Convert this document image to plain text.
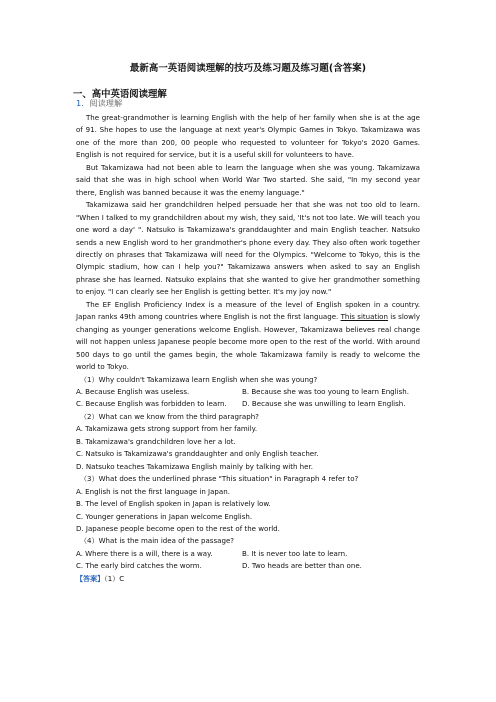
最新高一英语阅读理解的技巧及练习题及练习题(含答案)
一、高中英语阅读理解
1．阅读理解

The great-grandmother is learning English with the help of her family when she is at the age of 91. She hopes to use the language at next year's Olympic Games in Tokyo. Takamizawa was one of the more than 200, 00 people who requested to volunteer for Tokyo's 2020 Games. English is not required for service, but it is a useful skill for volunteers to have.

But Takamizawa had not been able to learn the language when she was young. Takamizawa said that she was in high school when World War Two started. She said, "In my second year there, English was banned because it was the enemy language."

Takamizawa said her grandchildren helped persuade her that she was not too old to learn. "When I talked to my grandchildren about my wish, they said, 'It's not too late. We will teach you one word a day' ". Natsuko is Takamizawa's granddaughter and main English teacher. Natsuko sends a new English word to her grandmother's phone every day. They also often work together directly on phrases that Takamizawa will need for the Olympics. "Welcome to Tokyo, this is the Olympic stadium, how can I help you?" Takamizawa answers when asked to say an English phrase she has learned. Natsuko explains that she wanted to give her grandmother something to enjoy. "I can clearly see her English is getting better. It's my joy now."

The EF English Proficiency Index is a measure of the level of English spoken in a country. Japan ranks 49th among countries where English is not the first language. This situation is slowly changing as younger generations welcome English. However, Takamizawa believes real change will not happen unless Japanese people become more open to the rest of the world. With around 500 days to go until the games begin, the whole Takamizawa family is ready to welcome the world to Tokyo.

（1）Why couldn't Takamizawa learn English when she was young?
A. Because English was useless.	B. Because she was too young to learn English.
C. Because English was forbidden to learn.	D. Because she was unwilling to learn English.
（2）What can we know from the third paragraph?
A. Takamizawa gets strong support from her family.
B. Takamizawa's grandchildren love her a lot.
C. Natsuko is Takamizawa's granddaughter and only English teacher.
D. Natsuko teaches Takamizawa English mainly by talking with her.
（3）What does the underlined phrase "This situation" in Paragraph 4 refer to?
A. English is not the first language in Japan.
B. The level of English spoken in Japan is relatively low.
C. Younger generations in Japan welcome English.
D. Japanese people become open to the rest of the world.
（4）What is the main idea of the passage?
A. Where there is a will, there is a way.	B. It is never too late to learn.
C. The early bird catches the worm.	D. Two heads are better than one.
【答案】（1）C
